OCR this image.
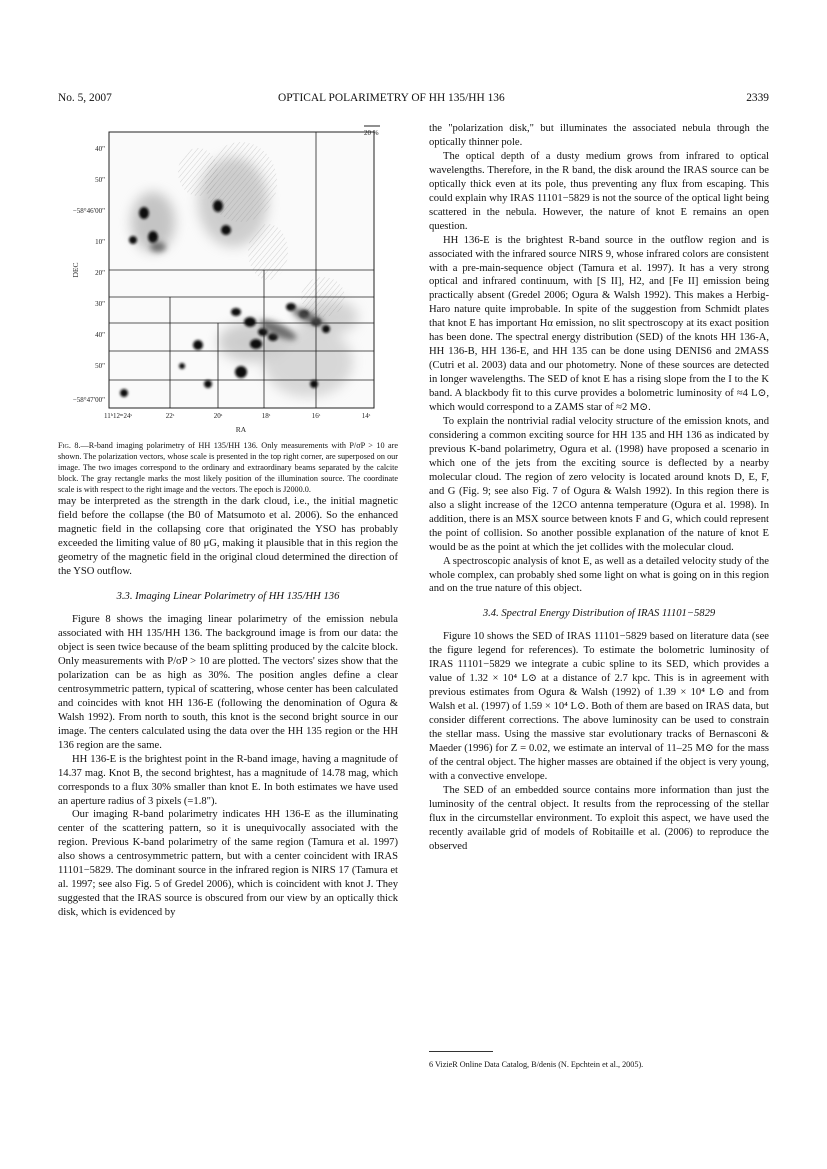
No. 5, 2007	OPTICAL POLARIMETRY OF HH 135/HH 136	2339
20 %
40"
50"
−58°46′00"
10"
20"
30"
40"
50"
−58°47′00"
11ʰ12ᵐ24ˢ	22ˢ	20ˢ	18ˢ	16ˢ	14ˢ
RA
DEC

Fig. 8.—R-band imaging polarimetry of HH 135/HH 136. Only measurements with P/σP > 10 are shown. The polarization vectors, whose scale is presented in the top right corner, are superposed on our image. The two images correspond to the ordinary and extraordinary beams separated by the calcite block. The gray rectangle marks the most likely position of the illumination source. The coordinate scale is with respect to the right image and the vectors. The epoch is J2000.0.

may be interpreted as the strength in the dark cloud, i.e., the initial magnetic field before the collapse (the B0 of Matsumoto et al. 2006). So the enhanced magnetic field in the collapsing core that originated the YSO has probably exceeded the limiting value of 80 μG, making it plausible that in this region the geometry of the magnetic field in the original cloud determined the direction of the YSO outflow.

3.3. Imaging Linear Polarimetry of HH 135/HH 136

Figure 8 shows the imaging linear polarimetry of the emission nebula associated with HH 135/HH 136. The background image is from our data: the object is seen twice because of the beam splitting produced by the calcite block. Only measurements with P/σP > 10 are plotted. The vectors' sizes show that the polarization can be as high as 30%. The position angles define a clear centrosymmetric pattern, typical of scattering, whose center has been calculated and coincides with knot HH 136-E (following the denomination of Ogura & Walsh 1992). From north to south, this knot is the second bright source in our image. The centers calculated using the data over the HH 135 region or the HH 136 region are the same.

HH 136-E is the brightest point in the R-band image, having a magnitude of 14.37 mag. Knot B, the second brightest, has a magnitude of 14.78 mag, which corresponds to a flux 30% smaller than knot E. In both estimates we have used an aperture radius of 3 pixels (=1.8").

Our imaging R-band polarimetry indicates HH 136-E as the illuminating center of the scattering pattern, so it is unequivocally associated with the region. Previous K-band polarimetry of the same region (Tamura et al. 1997) also shows a centrosymmetric pattern, but with a center coincident with IRAS 11101−5829. The dominant source in the infrared region is NIRS 17 (Tamura et al. 1997; see also Fig. 5 of Gredel 2006), which is coincident with knot J. They suggested that the IRAS source is obscured from our view by an optically thick disk, which is evidenced by

the "polarization disk," but illuminates the associated nebula through the optically thinner pole.

The optical depth of a dusty medium grows from infrared to optical wavelengths. Therefore, in the R band, the disk around the IRAS source can be optically thick even at its pole, thus preventing any flux from escaping. This could explain why IRAS 11101−5829 is not the source of the optical light being scattered in the nebula. However, the nature of knot E remains an open question.

HH 136-E is the brightest R-band source in the outflow region and is associated with the infrared source NIRS 9, whose infrared colors are consistent with a pre-main-sequence object (Tamura et al. 1997). It has a very strong optical and infrared continuum, with [S II], H2, and [Fe II] emission being practically absent (Gredel 2006; Ogura & Walsh 1992). This makes a Herbig-Haro nature quite improbable. In spite of the suggestion from Schmidt plates that knot E has important Hα emission, no slit spectroscopy at its exact position has been done. The spectral energy distribution (SED) of the knots HH 136-A, HH 136-B, HH 136-E, and HH 135 can be done using DENIS6 and 2MASS (Cutri et al. 2003) data and our photometry. None of these sources are detected in longer wavelengths. The SED of knot E has a rising slope from the I to the K band. A blackbody fit to this curve provides a bolometric luminosity of ≈4 L⊙, which would correspond to a ZAMS star of ≈2 M⊙.

To explain the nontrivial radial velocity structure of the emission knots, and considering a common exciting source for HH 135 and HH 136 as indicated by previous K-band polarimetry, Ogura et al. (1998) have proposed a scenario in which one of the jets from the exciting source is deflected by a nearby molecular cloud. The region of zero velocity is located around knots D, E, F, and G (Fig. 9; see also Fig. 7 of Ogura & Walsh 1992). In this region there is also a slight increase of the 12CO antenna temperature (Ogura et al. 1998). In addition, there is an MSX source between knots F and G, which could represent the point of collision. So another possible explanation of the nature of knot E would be as the point at which the jet collides with the molecular cloud.

A spectroscopic analysis of knot E, as well as a detailed velocity study of the whole complex, can probably shed some light on what is going on in this region and on the true nature of this object.

3.4. Spectral Energy Distribution of IRAS 11101−5829

Figure 10 shows the SED of IRAS 11101−5829 based on literature data (see the figure legend for references). To estimate the bolometric luminosity of IRAS 11101−5829 we integrate a cubic spline to its SED, which provides a value of 1.32 × 10⁴ L⊙ at a distance of 2.7 kpc. This is in agreement with previous estimates from Ogura & Walsh (1992) of 1.39 × 10⁴ L⊙ and from Walsh et al. (1997) of 1.59 × 10⁴ L⊙. Both of them are based on IRAS data, but consider different corrections. The above luminosity can be used to constrain the stellar mass. Using the massive star evolutionary tracks of Bernasconi & Maeder (1996) for Z = 0.02, we estimate an interval of 11–25 M⊙ for the mass of the central object. The higher masses are obtained if the object is very young, with a convective envelope.

The SED of an embedded source contains more information than just the luminosity of the central object. It results from the reprocessing of the stellar flux in the circumstellar environment. To exploit this aspect, we have used the recently available grid of models of Robitaille et al. (2006) to reproduce the observed

6 VizieR Online Data Catalog, B/denis (N. Epchtein et al., 2005).
